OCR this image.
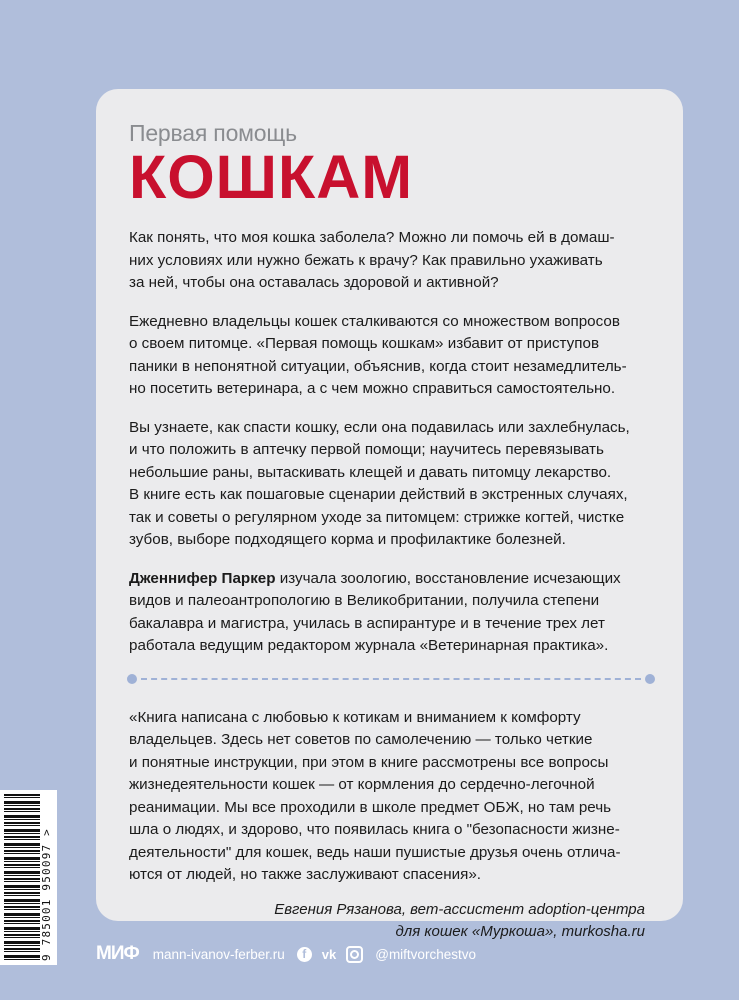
Первая помощь

КОШКАМ

Как понять, что моя кошка заболела? Можно ли помочь ей в домаш-
них условиях или нужно бежать к врачу? Как правильно ухаживать
за ней, чтобы она оставалась здоровой и активной?

Ежедневно владельцы кошек сталкиваются со множеством вопросов
о своем питомце. «Первая помощь кошкам» избавит от приступов
паники в непонятной ситуации, объяснив, когда стоит незамедлитель-
но посетить ветеринара, а с чем можно справиться самостоятельно.

Вы узнаете, как спасти кошку, если она подавилась или захлебнулась,
и что положить в аптечку первой помощи; научитесь перевязывать
небольшие раны, вытаскивать клещей и давать питомцу лекарство.
В книге есть как пошаговые сценарии действий в экстренных случаях,
так и советы о регулярном уходе за питомцем: стрижке когтей, чистке
зубов, выборе подходящего корма и профилактике болезней.

Дженнифер Паркер изучала зоологию, восстановление исчезающих
видов и палеоантропологию в Великобритании, получила степени
бакалавра и магистра, училась в аспирантуре и в течение трех лет
работала ведущим редактором журнала «Ветеринарная практика».

«Книга написана с любовью к котикам и вниманием к комфорту
владельцев. Здесь нет советов по самолечению — только четкие
и понятные инструкции, при этом в книге рассмотрены все вопросы
жизнедеятельности кошек — от кормления до сердечно-легочной
реанимации. Мы все проходили в школе предмет ОБЖ, но там речь
шла о людях, и здорово, что появилась книга о "безопасности жизне-
деятельности" для кошек, ведь наши пушистые друзья очень отлича-
ются от людей, но также заслуживают спасения».

Евгения Рязанова, вет-ассистент adoption-центра
для кошек «Муркоша», murkosha.ru

9 785001 950097 > МИФ mann-ivanov-ferber.ru	f	vk	@miftvorchestvo
